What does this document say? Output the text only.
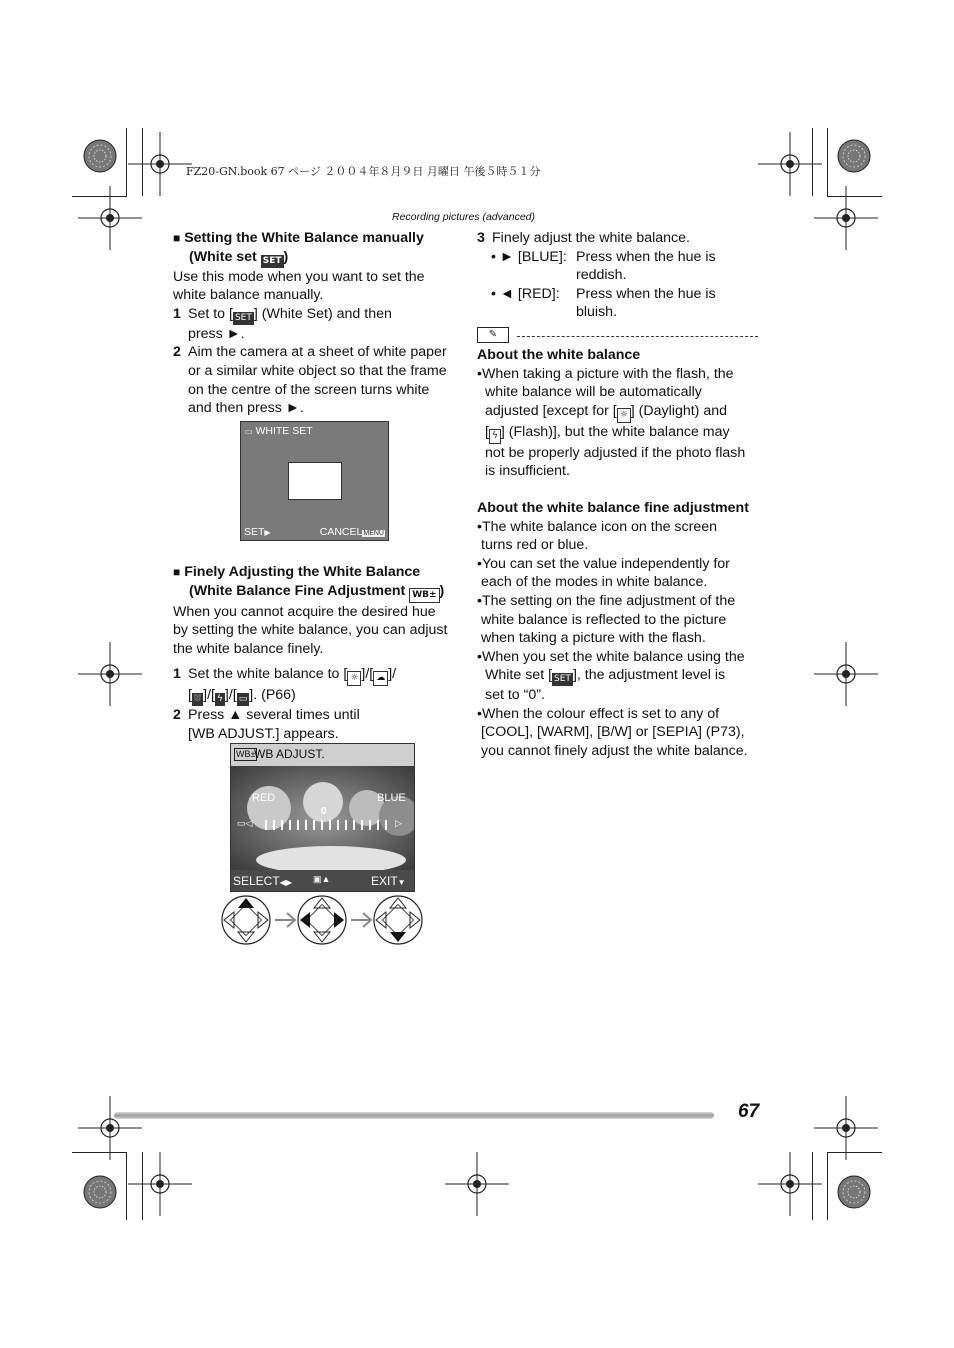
FZ20-GN.book 67 ページ ２００４年８月９日 月曜日 午後５時５１分
Recording pictures (advanced)
■ Setting the White Balance manually
(White set SET )
Use this mode when you want to set the
white balance manually.
1 Set to [ SET ] (White Set) and then
press ►.
2 Aim the camera at a sheet of white paper
or a similar white object so that the frame
on the centre of the screen turns white
and then press ►.
▭ WHITE SET
SET▶	CANCELMENU
■ Finely Adjusting the White Balance
(White Balance Fine Adjustment WB± )
When you cannot acquire the desired hue
by setting the white balance, you can adjust
the white balance finely.
1 Set the white balance to [ ☼ ]/[ ☁ ]/
[ ⛆ ]/[ ϟ ]/[ ▭ ]. (P66)
2 Press ▲ several times until
[WB ADJUST.] appears.
WB±
WB ADJUST.
RED	BLUE
0
▭◁	▷
SELECT◀▶ ▣▲	EXIT▼
3 Finely adjust the white balance.
• ► [BLUE]: Press when the hue is
reddish.
• ◄ [RED]: Press when the hue is
bluish.
✎
About the white balance
•When taking a picture with the flash, the
white balance will be automatically
adjusted [except for [ ☼ ] (Daylight) and
[ ϟ ] (Flash)], but the white balance may
not be properly adjusted if the photo flash
is insufficient.
About the white balance fine adjustment
•The white balance icon on the screen
turns red or blue.
•You can set the value independently for
each of the modes in white balance.
•The setting on the fine adjustment of the
white balance is reflected to the picture
when taking a picture with the flash.
•When you set the white balance using the
White set [ SET ], the adjustment level is
set to “0”.
•When the colour effect is set to any of
[COOL], [WARM], [B/W] or [SEPIA] (P73),
you cannot finely adjust the white balance.
67
